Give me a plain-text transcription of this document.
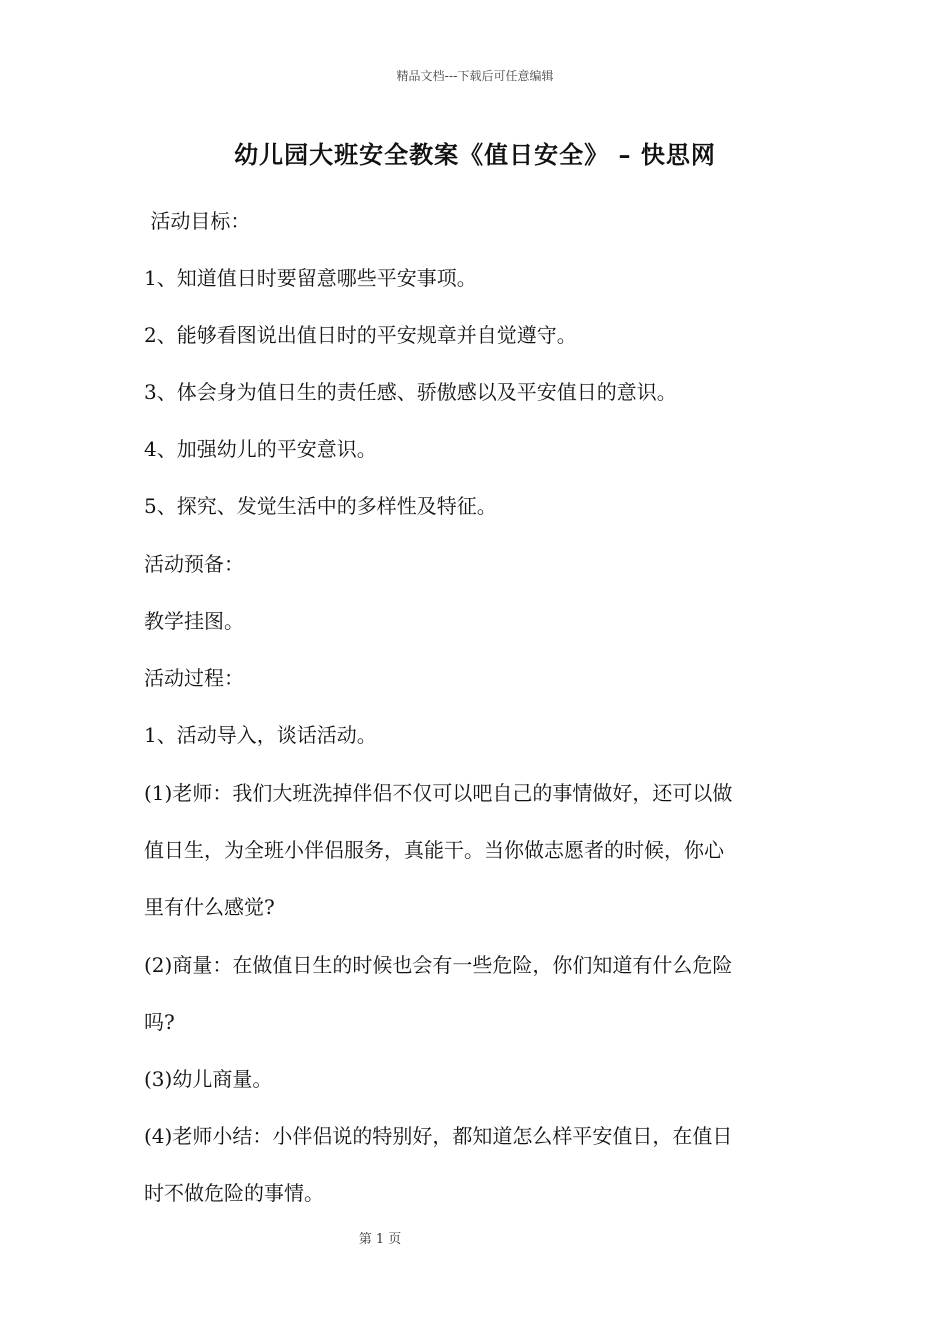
精品文档---下载后可任意编辑
幼儿园大班安全教案《值日安全》 – 快思网
活动目标：
1、知道值日时要留意哪些平安事项。
2、能够看图说出值日时的平安规章并自觉遵守。
3、体会身为值日生的责任感、骄傲感以及平安值日的意识。
4、加强幼儿的平安意识。
5、探究、发觉生活中的多样性及特征。
活动预备：
教学挂图。
活动过程：
1、活动导入，谈话活动。
(1)老师：我们大班洗掉伴侣不仅可以吧自己的事情做好，还可以做
值日生，为全班小伴侣服务，真能干。当你做志愿者的时候，你心
里有什么感觉?
(2)商量：在做值日生的时候也会有一些危险，你们知道有什么危险
吗?
(3)幼儿商量。
(4)老师小结：小伴侣说的特别好，都知道怎么样平安值日，在值日
时不做危险的事情。
第 1 页
